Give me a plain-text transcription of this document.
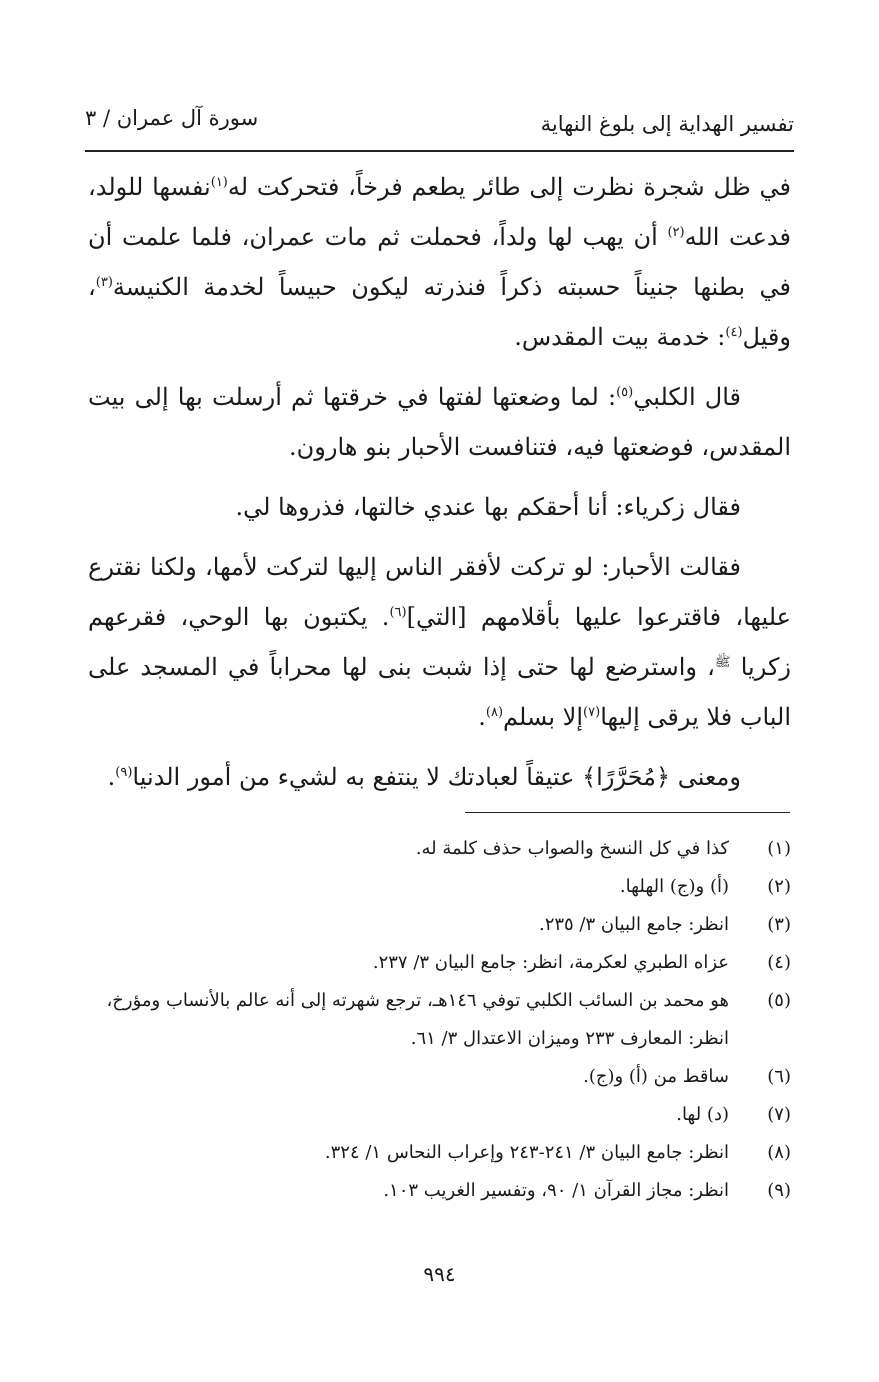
تفسير الهداية إلى بلوغ النهاية
سورة آل عمران / ٣

في ظل شجرة نظرت إلى طائر يطعم فرخاً، فتحركت له$^{(١)}$نفسها للولد، فدعت الله$^{(٢)}$ أن يهب لها ولداً، فحملت ثم مات عمران، فلما علمت أن في بطنها جنيناً حسبته ذكراً فنذرته ليكون حبيساً لخدمة الكنيسة$^{(٣)}$، وقيل$^{(٤)}$: خدمة بيت المقدس.

قال الكلبي$^{(٥)}$: لما وضعتها لفتها في خرقتها ثم أرسلت بها إلى بيت المقدس، فوضعتها فيه، فتنافست الأحبار بنو هارون.

فقال زكرياء: أنا أحقكم بها عندي خالتها، فذروها لي.

فقالت الأحبار: لو تركت لأفقر الناس إليها لتركت لأمها، ولكنا نقترع عليها، فاقترعوا عليها بأقلامهم [التي]$^{(٦)}$. يكتبون بها الوحي، فقرعهم زكريا $^ﷺ$، واسترضع لها حتى إذا شبت بنى لها محراباً في المسجد على الباب فلا يرقى إليها$^{(٧)}$إلا بسلم$^{(٨)}$.

ومعنى ﴿مُحَرَّرًا﴾ عتيقاً لعبادتك لا ينتفع به لشيء من أمور الدنيا$^{(٩)}$.

(١)
كذا في كل النسخ والصواب حذف كلمة له.
(٢)
(أ) و(ج) الهلها.
(٣)
انظر: جامع البيان ٣/ ٢٣٥.
(٤)
عزاه الطبري لعكرمة، انظر: جامع البيان ٣/ ٢٣٧.
(٥)
هو محمد بن السائب الكلبي توفي ١٤٦هـ، ترجع شهرته إلى أنه عالم بالأنساب ومؤرخ، انظر: المعارف ٢٣٣ وميزان الاعتدال ٣/ ٦١.
(٦)
ساقط من (أ) و(ج).
(٧)
(د) لها.
(٨)
انظر: جامع البيان ٣/ ٢٤١-٢٤٣ وإعراب النحاس ١/ ٣٢٤.
(٩)
انظر: مجاز القرآن ١/ ٩٠، وتفسير الغريب ١٠٣.
٩٩٤
